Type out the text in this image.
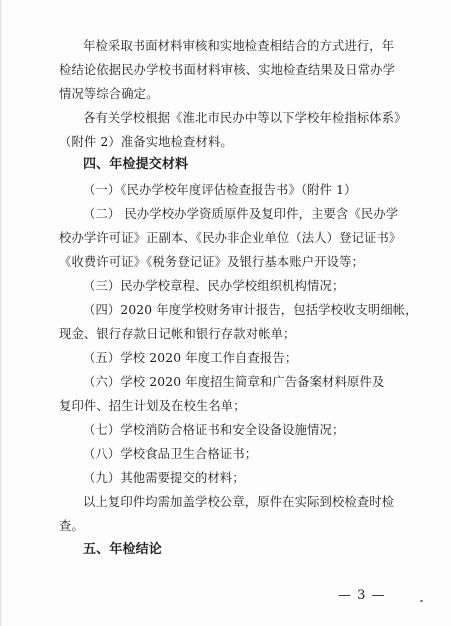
年检采取书面材料审核和实地检查相结合的方式进行，年
检结论依据民办学校书面材料审核、实地检查结果及日常办学
情况等综合确定。
各有关学校根据《淮北市民办中等以下学校年检指标体系》
（附件 2）准备实地检查材料。
四、年检提交材料
（一）《民办学校年度评估检查报告书》（附件 1）
（二） 民办学校办学资质原件及复印件，主要含《民办学
校办学许可证》正副本、《民办非企业单位（法人）登记证书》
《收费许可证》《税务登记证》及银行基本账户开设等；
（三）民办学校章程、民办学校组织机构情况；
（四）2020 年度学校财务审计报告，包括学校收支明细帐，
现金、银行存款日记帐和银行存款对帐单；
（五）学校 2020 年度工作自查报告；
（六）学校 2020 年度招生简章和广告备案材料原件及
复印件、招生计划及在校生名单；
（七）学校消防合格证书和安全设备设施情况；
（八）学校食品卫生合格证书；
（九）其他需要提交的材料；
以上复印件均需加盖学校公章，原件在实际到校检查时检
查。
五、年检结论
— 3 —
